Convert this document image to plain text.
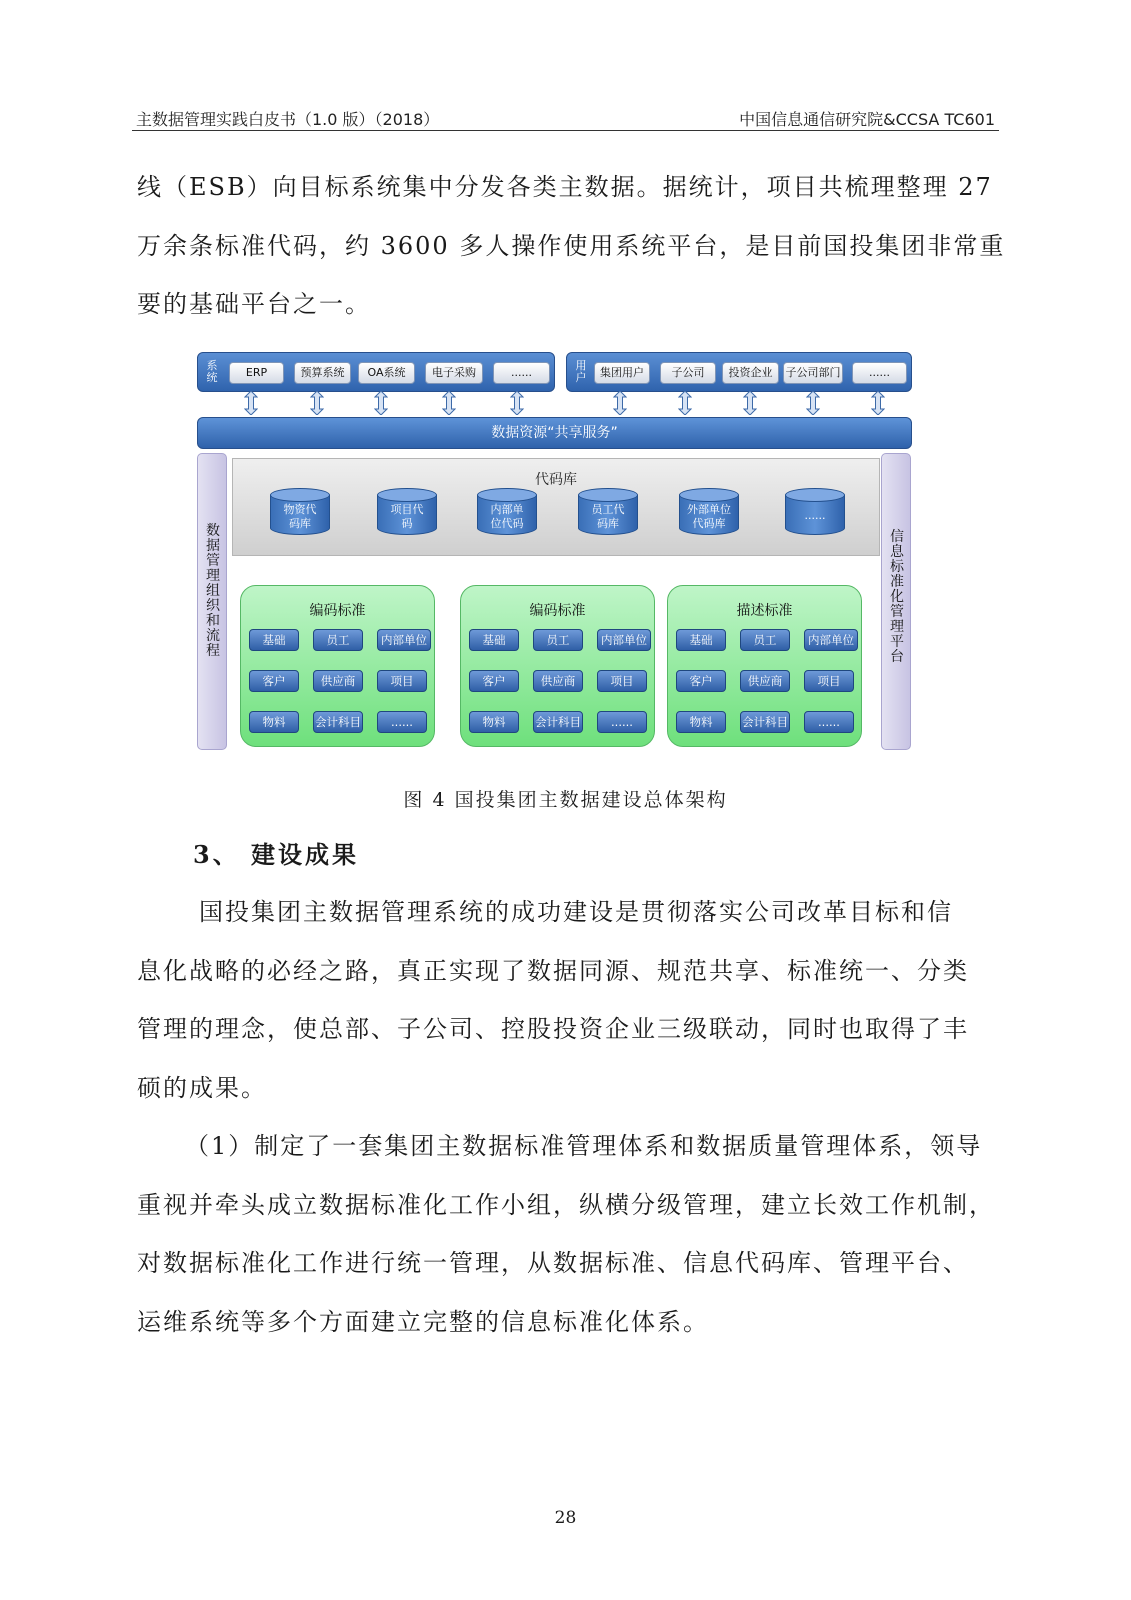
主数据管理实践白皮书（1.0 版）（2018）	中国信息通信研究院&CCSA TC601

线（ESB）向目标系统集中分发各类主数据。据统计，项目共梳理整理 27
万余条标准代码，约 3600 多人操作使用系统平台，是目前国投集团非常重
要的基础平台之一。

系统	ERP	预算系统	OA系统	电子采购	......
用户	集团用户	子公司	投资企业	子公司部门	......
数据资源“共享服务”
数据管理组织和流程
信息标准化管理平台
代码库
物资代码库
项目代码
内部单位代码
员工代码库
外部单位代码库
......
编码标准
基础	员工	内部单位
客户	供应商	项目
物料	会计科目	......
编码标准
基础	员工	内部单位
客户	供应商	项目
物料	会计科目	......
描述标准
基础	员工	内部单位
客户	供应商	项目
物料	会计科目	......
图 4 国投集团主数据建设总体架构
3、 建设成果

国投集团主数据管理系统的成功建设是贯彻落实公司改革目标和信
息化战略的必经之路，真正实现了数据同源、规范共享、标准统一、分类
管理的理念，使总部、子公司、控股投资企业三级联动，同时也取得了丰
硕的成果。

（1）制定了一套集团主数据标准管理体系和数据质量管理体系，领导
重视并牵头成立数据标准化工作小组，纵横分级管理，建立长效工作机制，
对数据标准化工作进行统一管理，从数据标准、信息代码库、管理平台、
运维系统等多个方面建立完整的信息标准化体系。

28
